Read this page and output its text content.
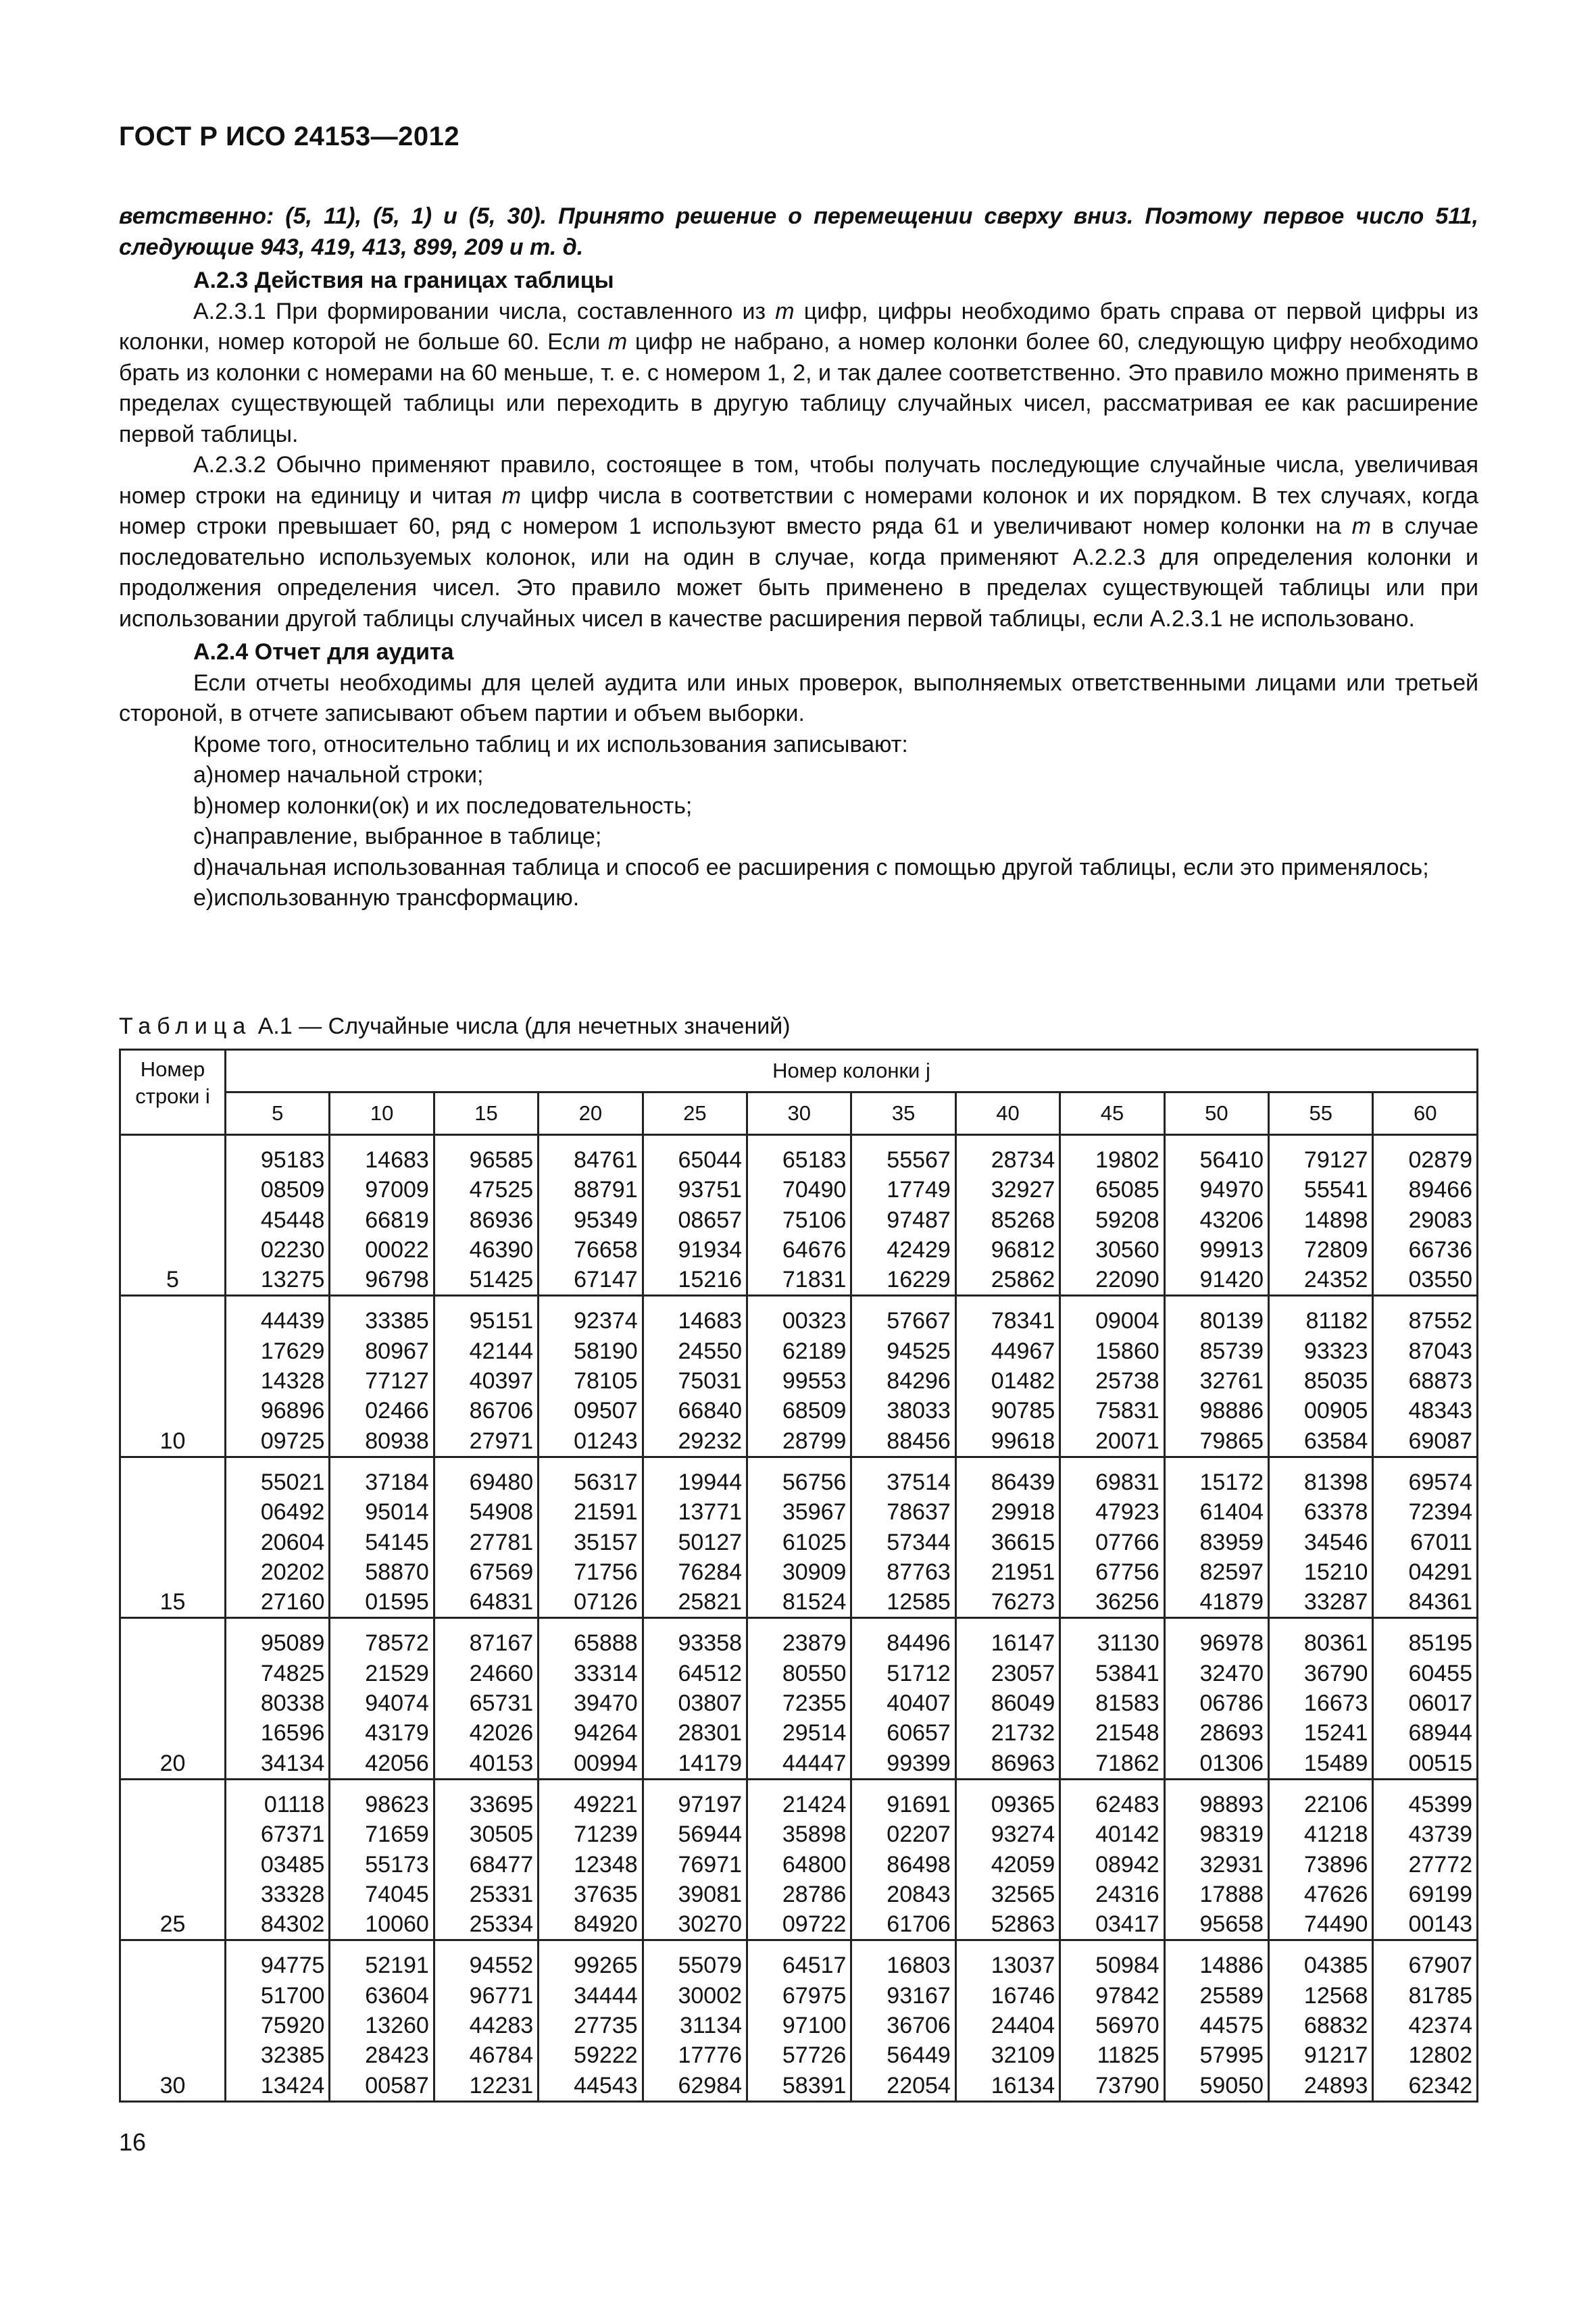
ГОСТ Р ИСО 24153—2012

ветственно: (5, 11), (5, 1) и (5, 30). Принято решение о перемещении сверху вниз. Поэтому первое число 511, следующие 943, 419, 413, 899, 209 и т. д.

А.2.3 Действия на границах таблицы

А.2.3.1 При формировании числа, составленного из m цифр, цифры необходимо брать справа от первой цифры из колонки, номер которой не больше 60. Если m цифр не набрано, а номер колонки более 60, следующую цифру необходимо брать из колонки с номерами на 60 меньше, т. е. с номером 1, 2, и так далее соответственно. Это правило можно применять в пределах существующей таблицы или переходить в другую таблицу случайных чисел, рассматривая ее как расширение первой таблицы.

А.2.3.2 Обычно применяют правило, состоящее в том, чтобы получать последующие случайные числа, увеличивая номер строки на единицу и читая m цифр числа в соответствии с номерами колонок и их порядком. В тех случаях, когда номер строки превышает 60, ряд с номером 1 используют вместо ряда 61 и увеличивают номер колонки на m в случае последовательно используемых колонок, или на один в случае, когда применяют А.2.2.3 для определения колонки и продолжения определения чисел. Это правило может быть применено в пределах существующей таблицы или при использовании другой таблицы случайных чисел в качестве расширения первой таблицы, если А.2.3.1 не использовано.

А.2.4 Отчет для аудита

Если отчеты необходимы для целей аудита или иных проверок, выполняемых ответственными лицами или третьей стороной, в отчете записывают объем партии и объем выборки.

Кроме того, относительно таблиц и их использования записывают:

а)номер начальной строки;

b)номер колонки(ок) и их последовательность;

c)направление, выбранное в таблице;

d)начальная использованная таблица и способ ее расширения с помощью другой таблицы, если это применялось;

е)использованную трансформацию.

Таблица А.1 — Случайные числа (для нечетных значений)
Номер строки i	Номер колонки j											
	5	10	15	20	25	30	35	40	45	50	55	60

	95183	14683	96585	84761	65044	65183	55567	28734	19802	56410	79127	02879
	08509	97009	47525	88791	93751	70490	17749	32927	65085	94970	55541	89466
	45448	66819	86936	95349	08657	75106	97487	85268	59208	43206	14898	29083
	02230	00022	46390	76658	91934	64676	42429	96812	30560	99913	72809	66736
5	13275	96798	51425	67147	15216	71831	16229	25862	22090	91420	24352	03550

	44439	33385	95151	92374	14683	00323	57667	78341	09004	80139	81182	87552
	17629	80967	42144	58190	24550	62189	94525	44967	15860	85739	93323	87043
	14328	77127	40397	78105	75031	99553	84296	01482	25738	32761	85035	68873
	96896	02466	86706	09507	66840	68509	38033	90785	75831	98886	00905	48343
10	09725	80938	27971	01243	29232	28799	88456	99618	20071	79865	63584	69087

	55021	37184	69480	56317	19944	56756	37514	86439	69831	15172	81398	69574
	06492	95014	54908	21591	13771	35967	78637	29918	47923	61404	63378	72394
	20604	54145	27781	35157	50127	61025	57344	36615	07766	83959	34546	67011
	20202	58870	67569	71756	76284	30909	87763	21951	67756	82597	15210	04291
15	27160	01595	64831	07126	25821	81524	12585	76273	36256	41879	33287	84361

	95089	78572	87167	65888	93358	23879	84496	16147	31130	96978	80361	85195
	74825	21529	24660	33314	64512	80550	51712	23057	53841	32470	36790	60455
	80338	94074	65731	39470	03807	72355	40407	86049	81583	06786	16673	06017
	16596	43179	42026	94264	28301	29514	60657	21732	21548	28693	15241	68944
20	34134	42056	40153	00994	14179	44447	99399	86963	71862	01306	15489	00515

	01118	98623	33695	49221	97197	21424	91691	09365	62483	98893	22106	45399
	67371	71659	30505	71239	56944	35898	02207	93274	40142	98319	41218	43739
	03485	55173	68477	12348	76971	64800	86498	42059	08942	32931	73896	27772
	33328	74045	25331	37635	39081	28786	20843	32565	24316	17888	47626	69199
25	84302	10060	25334	84920	30270	09722	61706	52863	03417	95658	74490	00143

	94775	52191	94552	99265	55079	64517	16803	13037	50984	14886	04385	67907
	51700	63604	96771	34444	30002	67975	93167	16746	97842	25589	12568	81785
	75920	13260	44283	27735	31134	97100	36706	24404	56970	44575	68832	42374
	32385	28423	46784	59222	17776	57726	56449	32109	11825	57995	91217	12802
30	13424	00587	12231	44543	62984	58391	22054	16134	73790	59050	24893	62342
16
